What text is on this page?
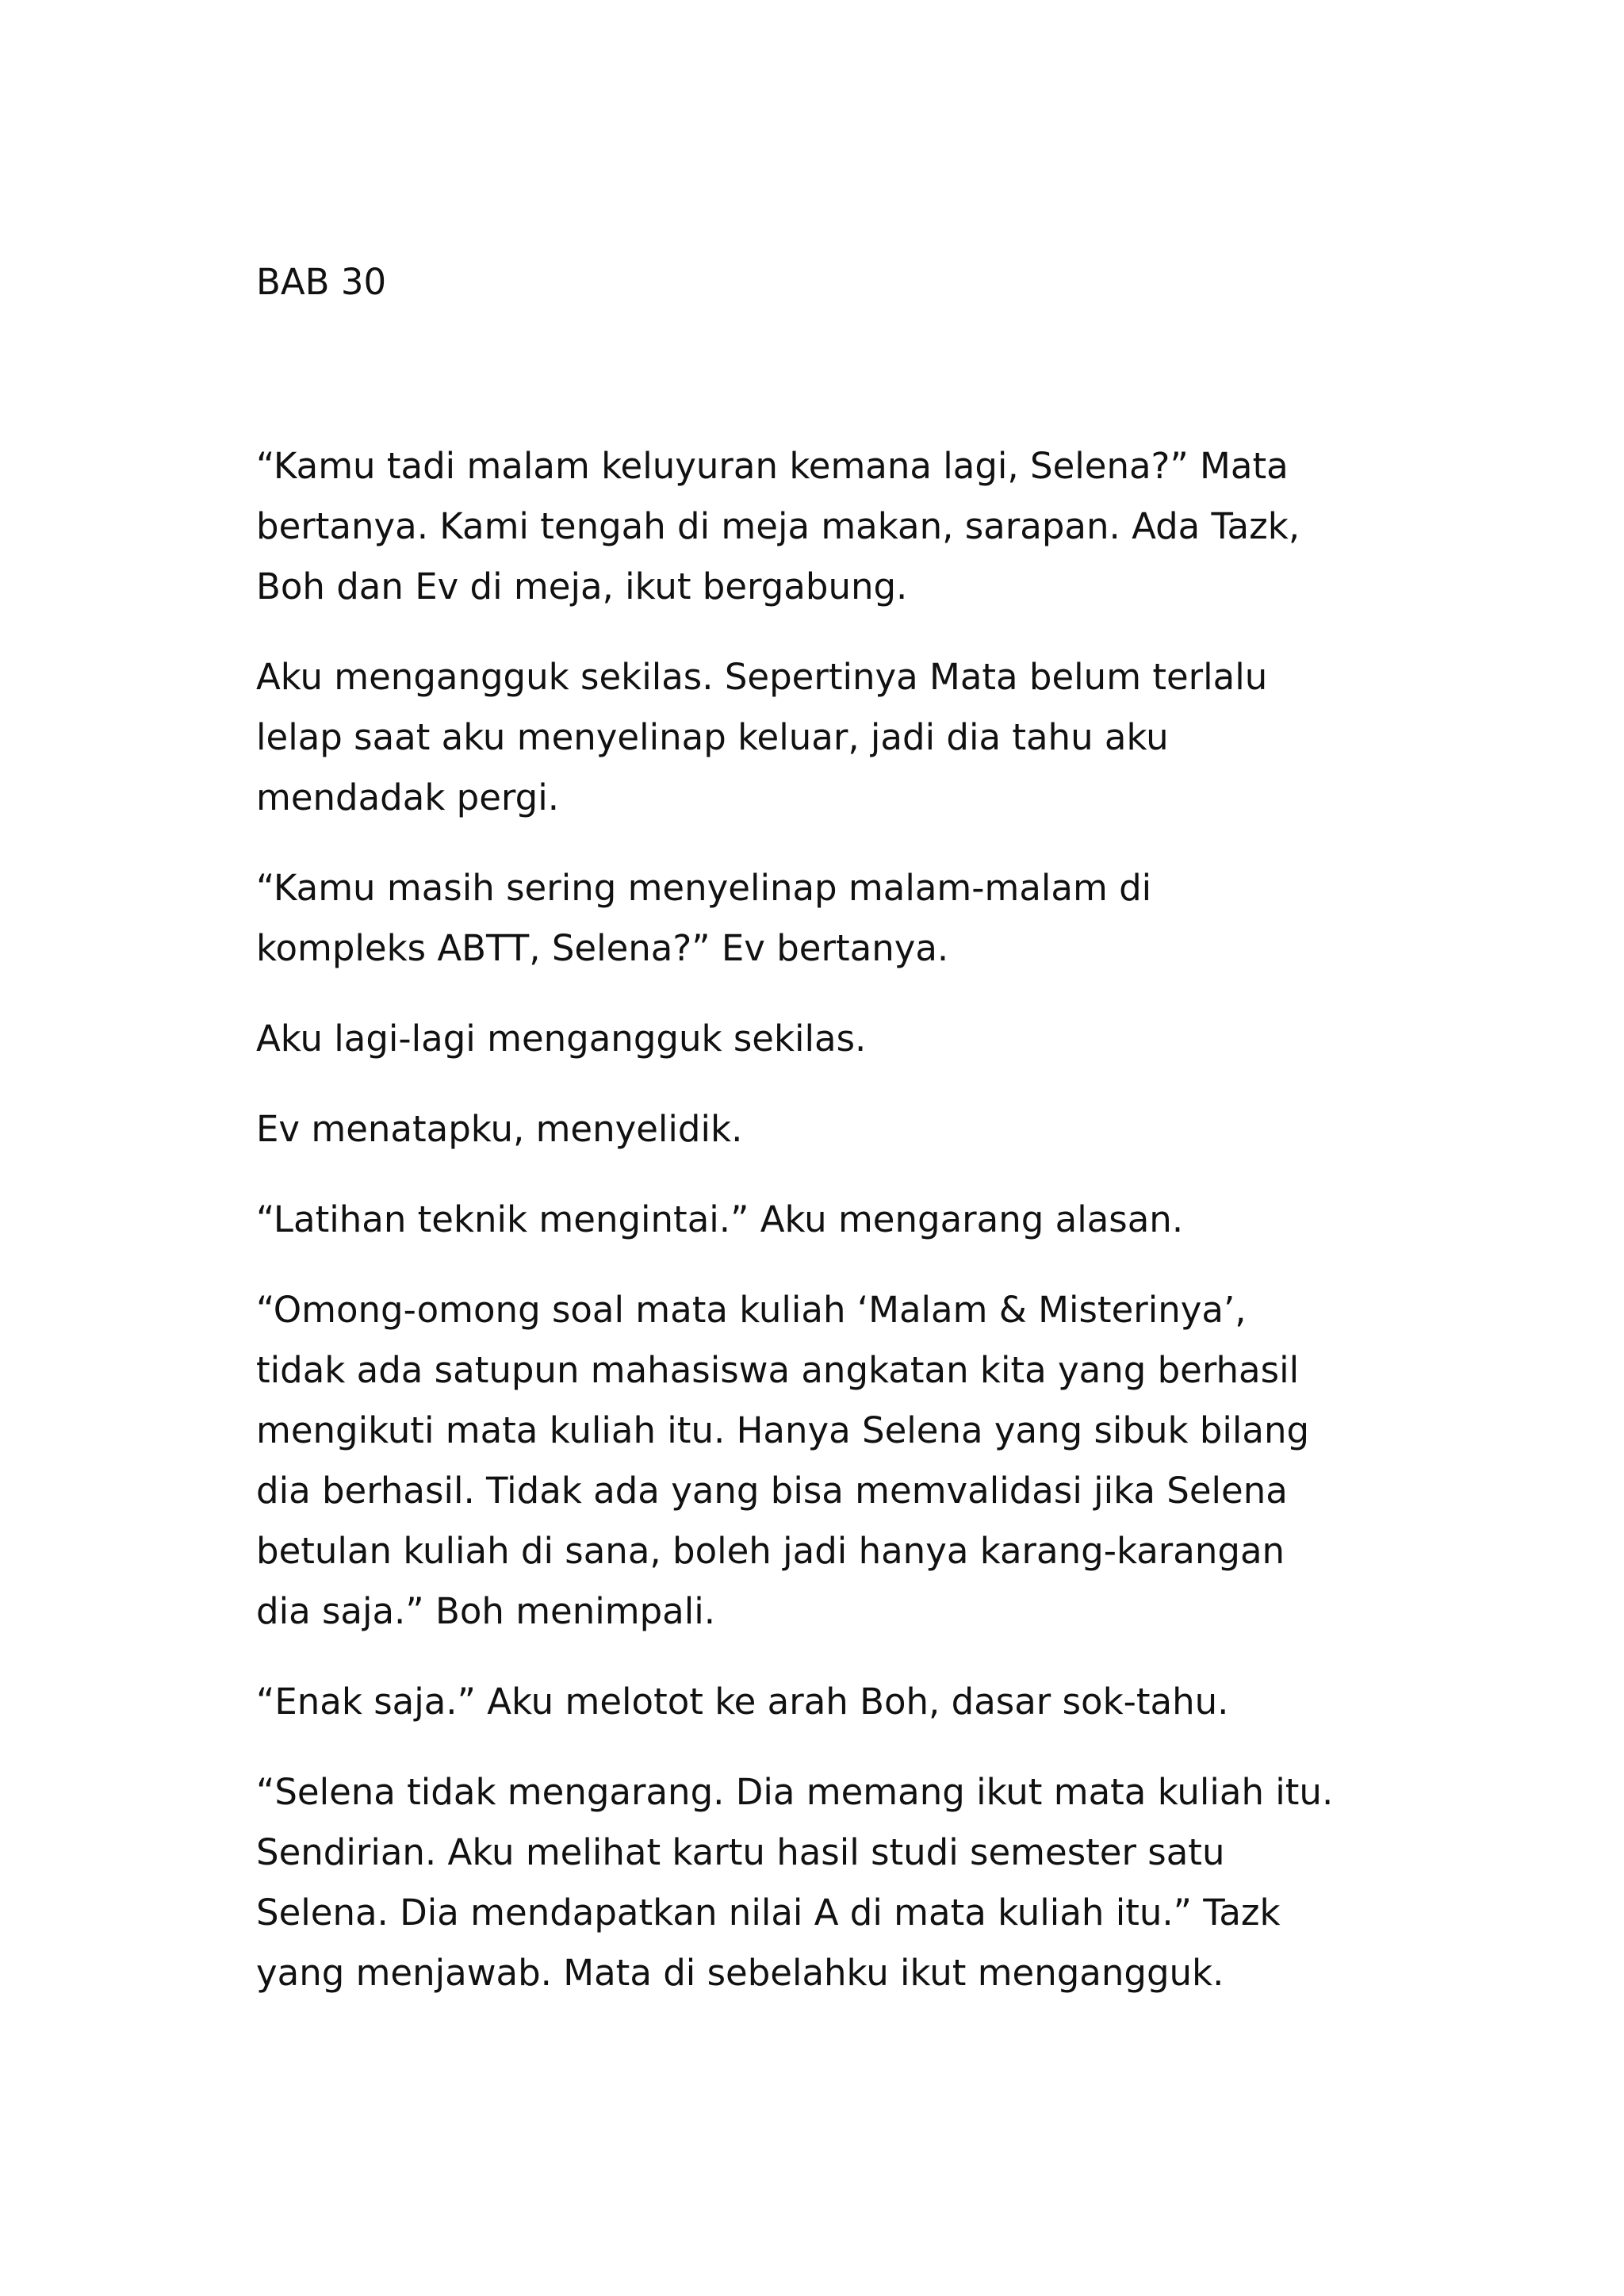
BAB 30

“Kamu tadi malam keluyuran kemana lagi, Selena?” Mata
bertanya. Kami tengah di meja makan, sarapan. Ada Tazk,
Boh dan Ev di meja, ikut bergabung.

Aku mengangguk sekilas. Sepertinya Mata belum terlalu
lelap saat aku menyelinap keluar, jadi dia tahu aku
mendadak pergi.

“Kamu masih sering menyelinap malam-malam di
kompleks ABTT, Selena?” Ev bertanya.

Aku lagi-lagi mengangguk sekilas.

Ev menatapku, menyelidik.

“Latihan teknik mengintai.” Aku mengarang alasan.

“Omong-omong soal mata kuliah ‘Malam & Misterinya’,
tidak ada satupun mahasiswa angkatan kita yang berhasil
mengikuti mata kuliah itu. Hanya Selena yang sibuk bilang
dia berhasil. Tidak ada yang bisa memvalidasi jika Selena
betulan kuliah di sana, boleh jadi hanya karang-karangan
dia saja.” Boh menimpali.

“Enak saja.” Aku melotot ke arah Boh, dasar sok-tahu.

“Selena tidak mengarang. Dia memang ikut mata kuliah itu.
Sendirian. Aku melihat kartu hasil studi semester satu
Selena. Dia mendapatkan nilai A di mata kuliah itu.” Tazk
yang menjawab. Mata di sebelahku ikut mengangguk.
